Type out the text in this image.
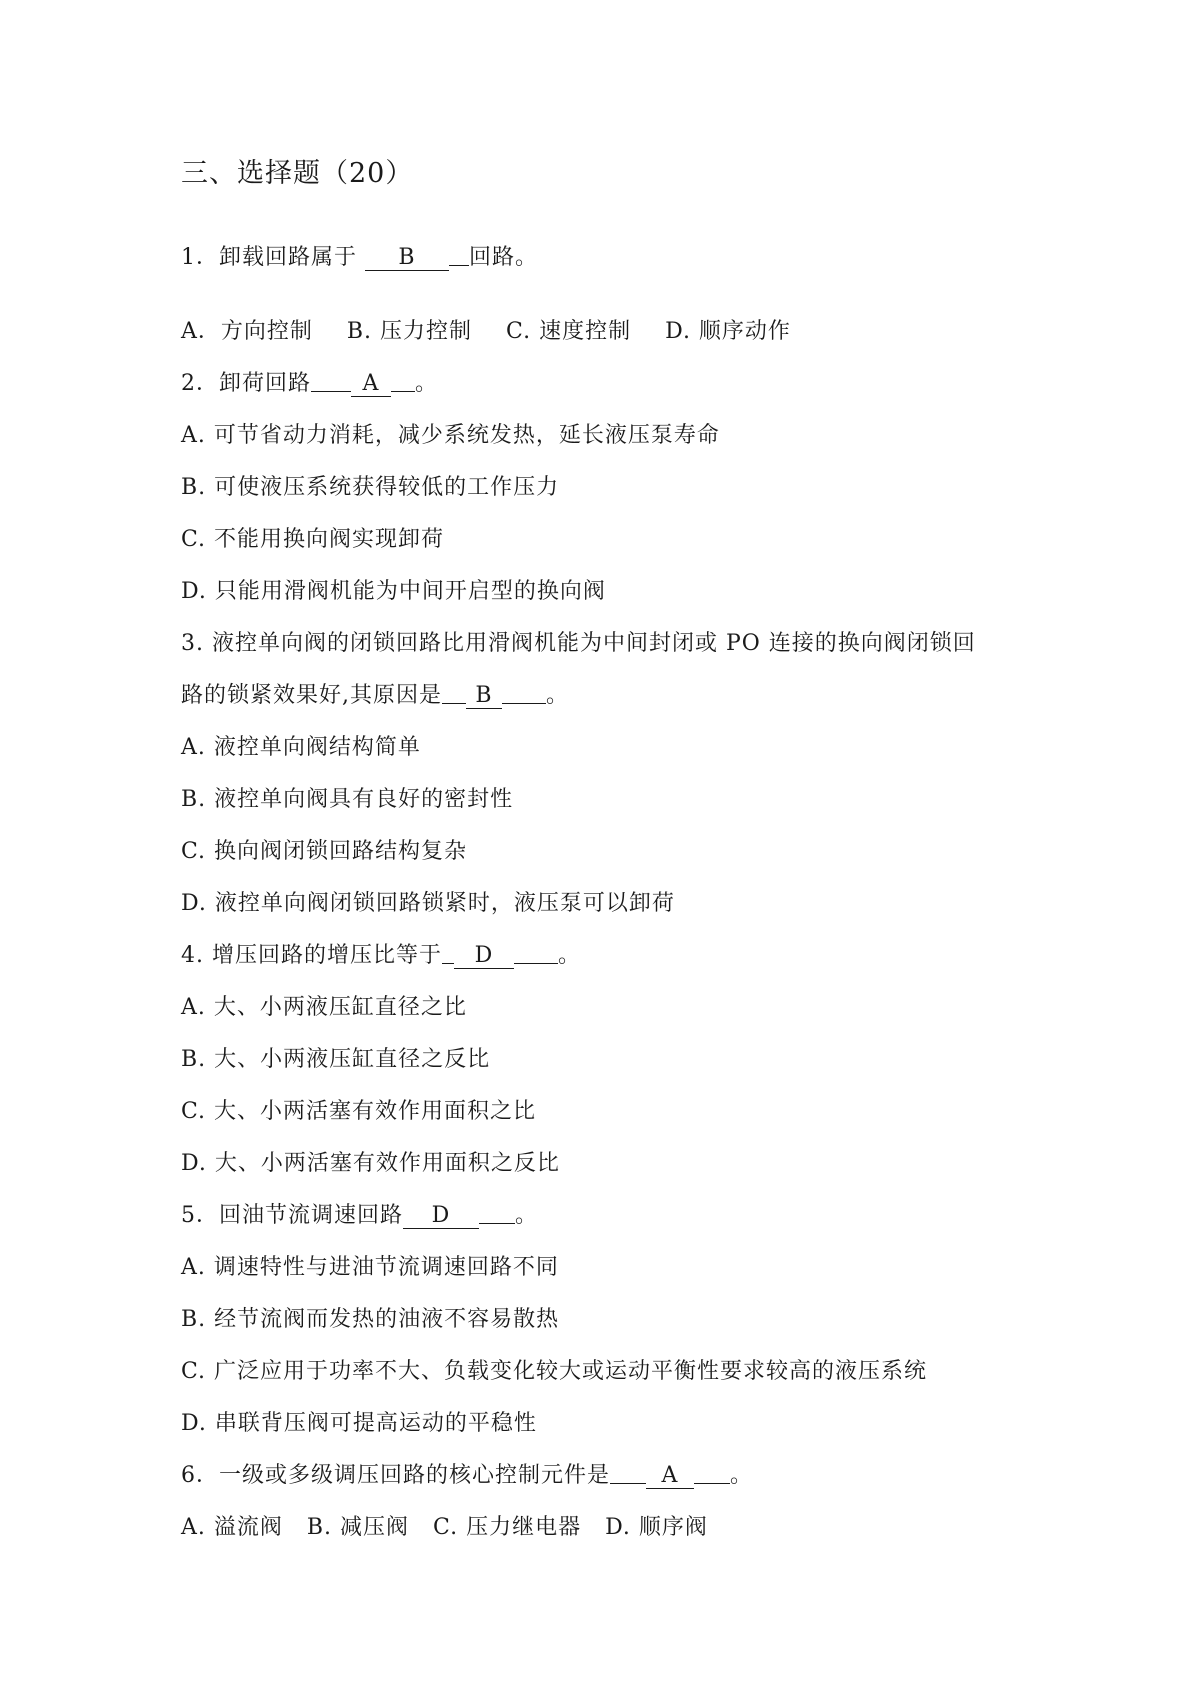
三、选择题（20）
1．卸载回路属于 B 回路。
A．方向控制 B. 压力控制 C. 速度控制 D. 顺序动作
2．卸荷回路 A 。
A. 可节省动力消耗，减少系统发热，延长液压泵寿命
B. 可使液压系统获得较低的工作压力
C. 不能用换向阀实现卸荷
D. 只能用滑阀机能为中间开启型的换向阀
3. 液控单向阀的闭锁回路比用滑阀机能为中间封闭或 PO 连接的换向阀闭锁回
路的锁紧效果好,其原因是 B 。
A. 液控单向阀结构简单
B. 液控单向阀具有良好的密封性
C. 换向阀闭锁回路结构复杂
D. 液控单向阀闭锁回路锁紧时，液压泵可以卸荷
4. 增压回路的增压比等于 D	。
A. 大、小两液压缸直径之比
B. 大、小两液压缸直径之反比
C. 大、小两活塞有效作用面积之比
D. 大、小两活塞有效作用面积之反比
5．回油节流调速回路 D	。
A. 调速特性与进油节流调速回路不同
B. 经节流阀而发热的油液不容易散热
C. 广泛应用于功率不大、负载变化较大或运动平衡性要求较高的液压系统
D. 串联背压阀可提高运动的平稳性
6．一级或多级调压回路的核心控制元件是 A 。
A. 溢流阀 B. 减压阀 C. 压力继电器 D. 顺序阀
